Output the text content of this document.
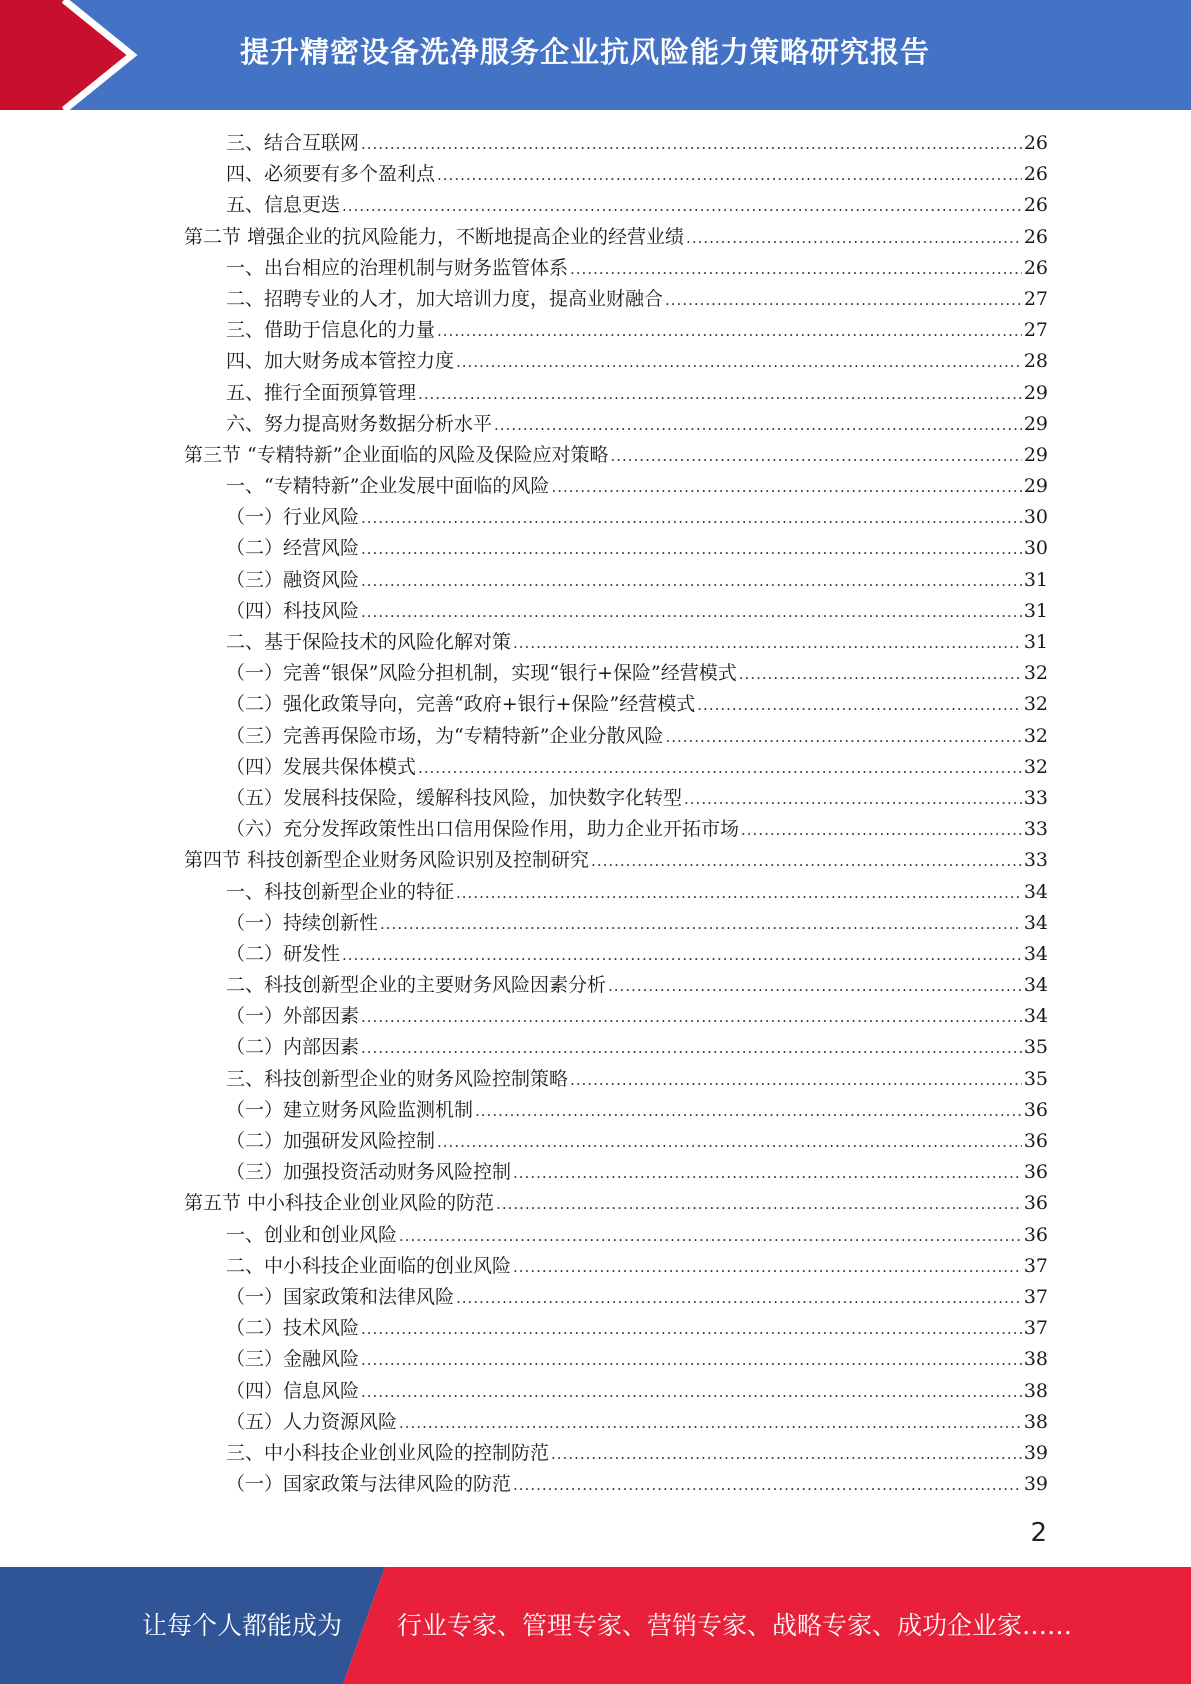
提升精密设备洗净服务企业抗风险能力策略研究报告
三、结合互联网 .....	26
四、必须要有多个盈利点 .....	26
五、信息更迭 .....	26
第二节 增强企业的抗风险能力，不断地提高企业的经营业绩 .....	26
一、出台相应的治理机制与财务监管体系 .....	26
二、招聘专业的人才，加大培训力度，提高业财融合 .....	27
三、借助于信息化的力量 .....	27
四、加大财务成本管控力度 .....	28
五、推行全面预算管理 .....	29
六、努力提高财务数据分析水平 .....	29
第三节 “专精特新”企业面临的风险及保险应对策略 .....	29
一、“专精特新”企业发展中面临的风险 .....	29
（一）行业风险 .....	30
（二）经营风险 .....	30
（三）融资风险 .....	31
（四）科技风险 .....	31
二、基于保险技术的风险化解对策 .....	31
（一）完善“银保”风险分担机制，实现“银行+保险”经营模式 .....	32
（二）强化政策导向，完善“政府+银行+保险”经营模式 .....	32
（三）完善再保险市场，为“专精特新”企业分散风险 .....	32
（四）发展共保体模式 .....	32
（五）发展科技保险，缓解科技风险，加快数字化转型 .....	33
（六）充分发挥政策性出口信用保险作用，助力企业开拓市场 .....	33
第四节 科技创新型企业财务风险识别及控制研究 .....	33
一、科技创新型企业的特征 .....	34
（一）持续创新性 .....	34
（二）研发性 .....	34
二、科技创新型企业的主要财务风险因素分析 .....	34
（一）外部因素 .....	34
（二）内部因素 .....	35
三、科技创新型企业的财务风险控制策略 .....	35
（一）建立财务风险监测机制 .....	36
（二）加强研发风险控制 .....	36
（三）加强投资活动财务风险控制 .....	36
第五节 中小科技企业创业风险的防范 .....	36
一、创业和创业风险 .....	36
二、中小科技企业面临的创业风险 .....	37
（一）国家政策和法律风险 .....	37
（二）技术风险 .....	37
（三）金融风险 .....	38
（四）信息风险 .....	38
（五）人力资源风险 .....	38
三、中小科技企业创业风险的控制防范 .....	39
（一）国家政策与法律风险的防范 .....	39
2
让每个人都能成为 行业专家、管理专家、营销专家、战略专家、成功企业家……
